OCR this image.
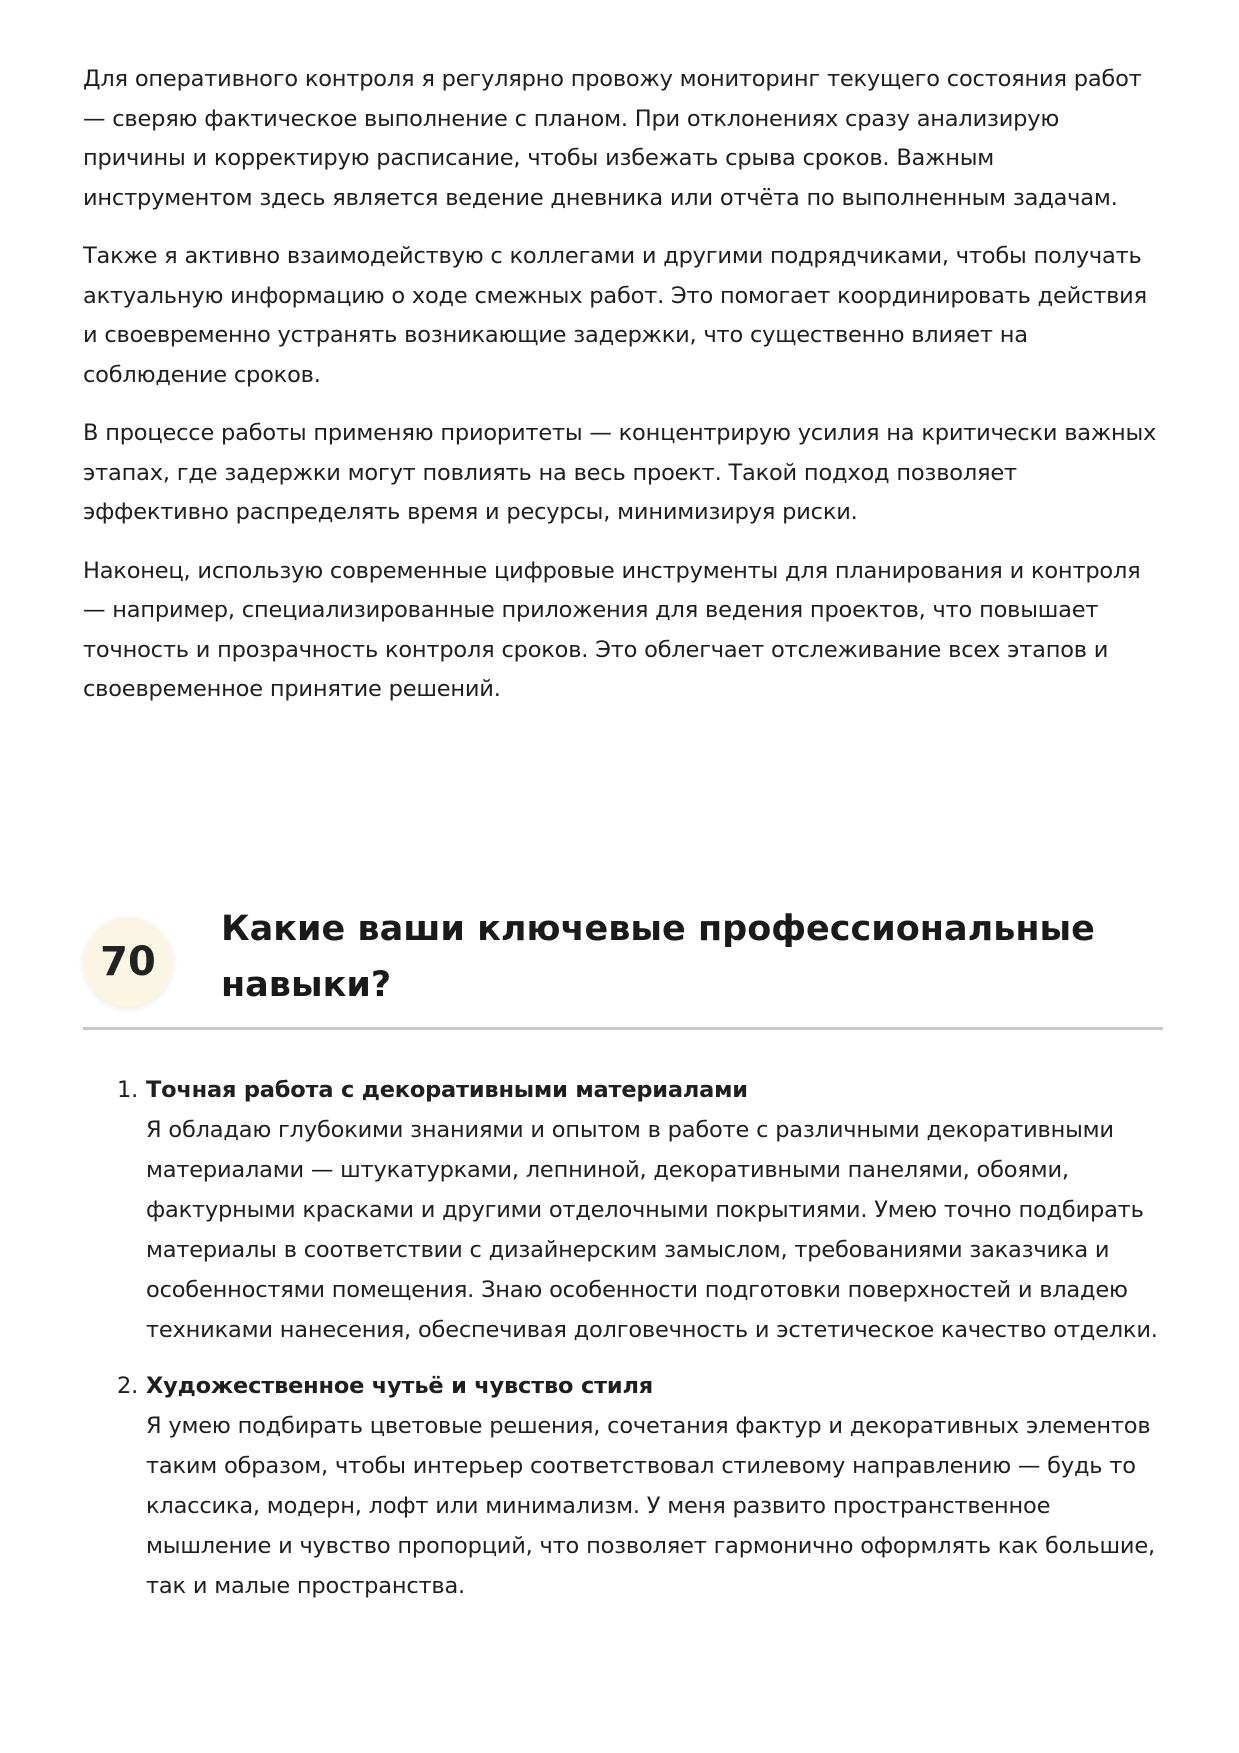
Для оперативного контроля я регулярно провожу мониторинг текущего состояния работ — сверяю фактическое выполнение с планом. При отклонениях сразу анализирую причины и корректирую расписание, чтобы избежать срыва сроков. Важным инструментом здесь является ведение дневника или отчёта по выполненным задачам.

Также я активно взаимодействую с коллегами и другими подрядчиками, чтобы получать актуальную информацию о ходе смежных работ. Это помогает координировать действия и своевременно устранять возникающие задержки, что существенно влияет на соблюдение сроков.

В процессе работы применяю приоритеты — концентрирую усилия на критически важных этапах, где задержки могут повлиять на весь проект. Такой подход позволяет эффективно распределять время и ресурсы, минимизируя риски.

Наконец, использую современные цифровые инструменты для планирования и контроля — например, специализированные приложения для ведения проектов, что повышает точность и прозрачность контроля сроков. Это облегчает отслеживание всех этапов и своевременное принятие решений.

70
Какие ваши ключевые профессиональные навыки?
1. Точная работа с декоративными материалами
Я обладаю глубокими знаниями и опытом в работе с различными декоративными материалами — штукатурками, лепниной, декоративными панелями, обоями, фактурными красками и другими отделочными покрытиями. Умею точно подбирать материалы в соответствии с дизайнерским замыслом, требованиями заказчика и особенностями помещения. Знаю особенности подготовки поверхностей и владею техниками нанесения, обеспечивая долговечность и эстетическое качество отделки.
2. Художественное чутьё и чувство стиля
Я умею подбирать цветовые решения, сочетания фактур и декоративных элементов таким образом, чтобы интерьер соответствовал стилевому направлению — будь то классика, модерн, лофт или минимализм. У меня развито пространственное мышление и чувство пропорций, что позволяет гармонично оформлять как большие, так и малые пространства.
